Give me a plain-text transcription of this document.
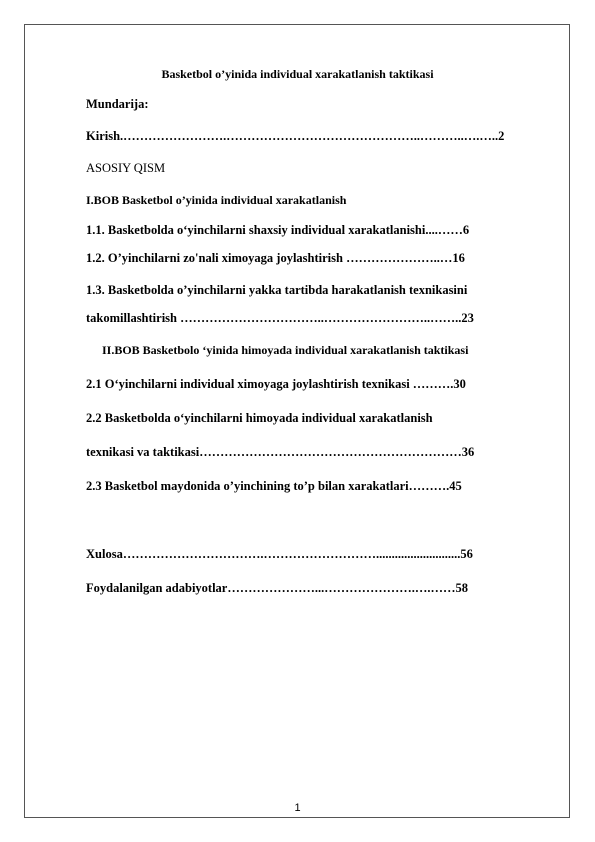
Basketbol o’yinida individual xarakatlanish taktikasi
Mundarija:
Kirish.…………………….………………………………………..………..….…..2
ASOSIY QISM
I.BOB Basketbol o’yinida individual xarakatlanish
1.1. Basketbolda o‘yinchilarni shaxsiy individual xarakatlanishi....……6
1.2. O’yinchilarni zo'nali ximoyaga joylashtirish …………………..…16
1.3. Basketbolda o’yinchilarni yakka tartibda harakatlanish texnikasini
takomillashtirish ……………………………..……………………..……..23
II.BOB Basketbolo ‘yinida himoyada individual xarakatlanish taktikasi
2.1 O‘yinchilarni individual ximoyaga joylashtirish texnikasi ……….30
2.2 Basketbolda o‘yinchilarni himoyada individual xarakatlanish
texnikasi va taktikasi………………………………………………………36
2.3 Basketbol maydonida o’yinchining to’p bilan xarakatlari……….45
Xulosa…………………………….………………………...........................56
Foydalanilgan adabiyotlar…………………...………………….….……58
1
